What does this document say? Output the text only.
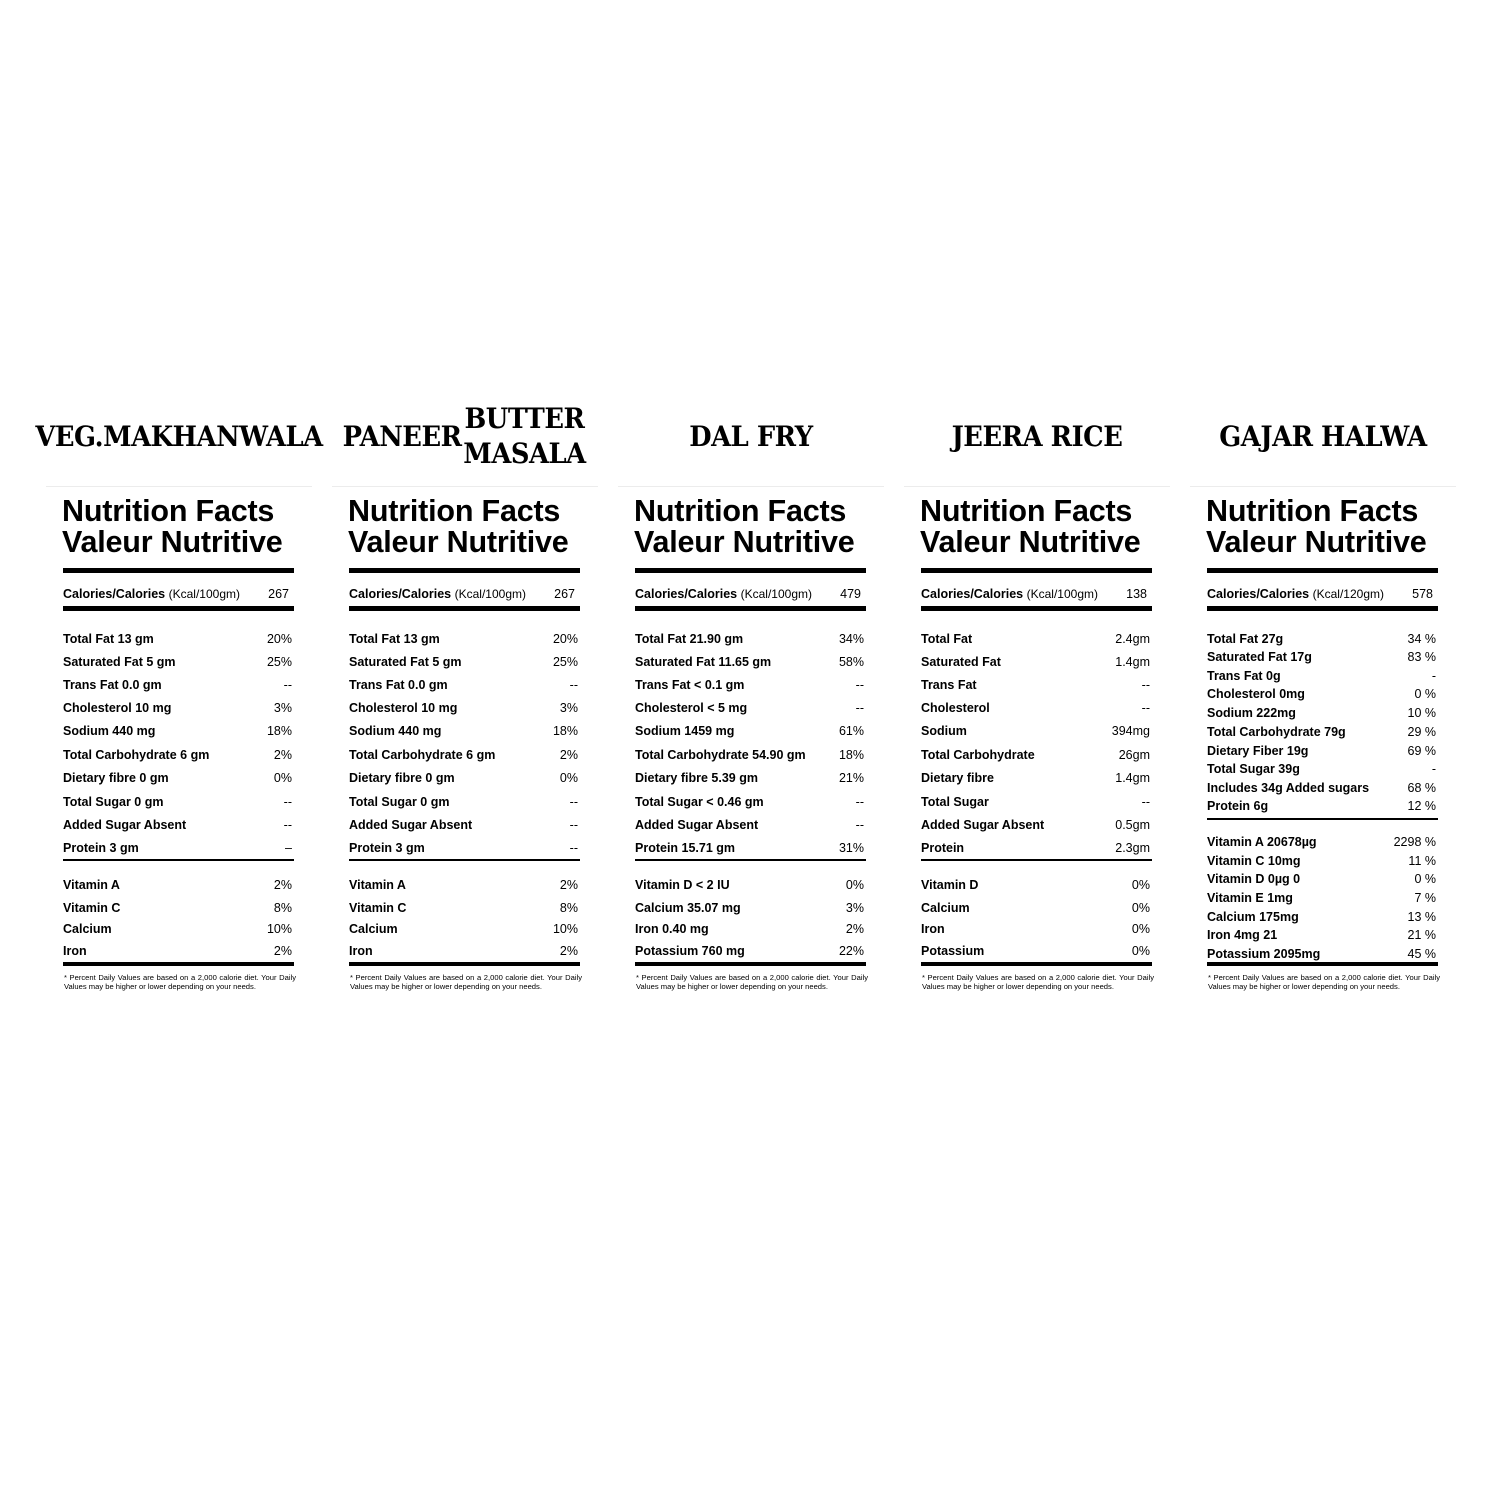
VEG. MAKHANWALA
Nutrition Facts
Valeur Nutritive
Calories/Calories (Kcal/100gm) 267
Total Fat 13 gm	20%
Saturated Fat 5 gm	25%
Trans Fat 0.0 gm	--
Cholesterol 10 mg	3%
Sodium 440 mg	18%
Total Carbohydrate 6 gm	2%
Dietary fibre 0 gm	0%
Total Sugar 0 gm	--
Added Sugar Absent	--
Protein 3 gm	–
Vitamin A	2%
Vitamin C	8%
Calcium	10%
Iron	2%
* Percent Daily Values are based on a 2,000 calorie diet. Your Daily Values may be higher or lower depending on your needs.
PANEER
BUTTER MASALA
Nutrition Facts
Valeur Nutritive
Calories/Calories (Kcal/100gm) 267
Total Fat 13 gm	20%
Saturated Fat 5 gm	25%
Trans Fat 0.0 gm	--
Cholesterol 10 mg	3%
Sodium 440 mg	18%
Total Carbohydrate 6 gm	2%
Dietary fibre 0 gm	0%
Total Sugar 0 gm	--
Added Sugar Absent	--
Protein 3 gm	--
Vitamin A	2%
Vitamin C	8%
Calcium	10%
Iron	2%
* Percent Daily Values are based on a 2,000 calorie diet. Your Daily Values may be higher or lower depending on your needs.
DAL FRY
Nutrition Facts
Valeur Nutritive
Calories/Calories (Kcal/100gm) 479
Total Fat 21.90 gm	34%
Saturated Fat 11.65 gm	58%
Trans Fat < 0.1 gm	--
Cholesterol < 5 mg	--
Sodium 1459 mg	61%
Total Carbohydrate 54.90 gm	18%
Dietary fibre 5.39 gm	21%
Total Sugar < 0.46 gm	--
Added Sugar Absent	--
Protein 15.71 gm	31%
Vitamin D < 2 IU	0%
Calcium 35.07 mg	3%
Iron 0.40 mg	2%
Potassium 760 mg	22%
* Percent Daily Values are based on a 2,000 calorie diet. Your Daily Values may be higher or lower depending on your needs.
JEERA RICE
Nutrition Facts
Valeur Nutritive
Calories/Calories (Kcal/100gm) 138
Total Fat	2.4gm
Saturated Fat	1.4gm
Trans Fat	--
Cholesterol	--
Sodium	394mg
Total Carbohydrate	26gm
Dietary fibre	1.4gm
Total Sugar	--
Added Sugar Absent	0.5gm
Protein	2.3gm
Vitamin D	0%
Calcium	0%
Iron	0%
Potassium	0%
* Percent Daily Values are based on a 2,000 calorie diet. Your Daily Values may be higher or lower depending on your needs.
GAJAR HALWA
Nutrition Facts
Valeur Nutritive
Calories/Calories (Kcal/120gm) 578
Total Fat 27g	34 %
Saturated Fat 17g	83 %
Trans Fat 0g	-
Cholesterol 0mg	0 %
Sodium 222mg	10 %
Total Carbohydrate 79g	29 %
Dietary Fiber 19g	69 %
Total Sugar 39g	-
Includes 34g Added sugars	68 %
Protein 6g	12 %
Vitamin A 20678µg	2298 %
Vitamin C 10mg	11 %
Vitamin D 0µg 0	0 %
Vitamin E 1mg	7 %
Calcium 175mg	13 %
Iron 4mg 21	21 %
Potassium 2095mg	45 %
* Percent Daily Values are based on a 2,000 calorie diet. Your Daily Values may be higher or lower depending on your needs.
